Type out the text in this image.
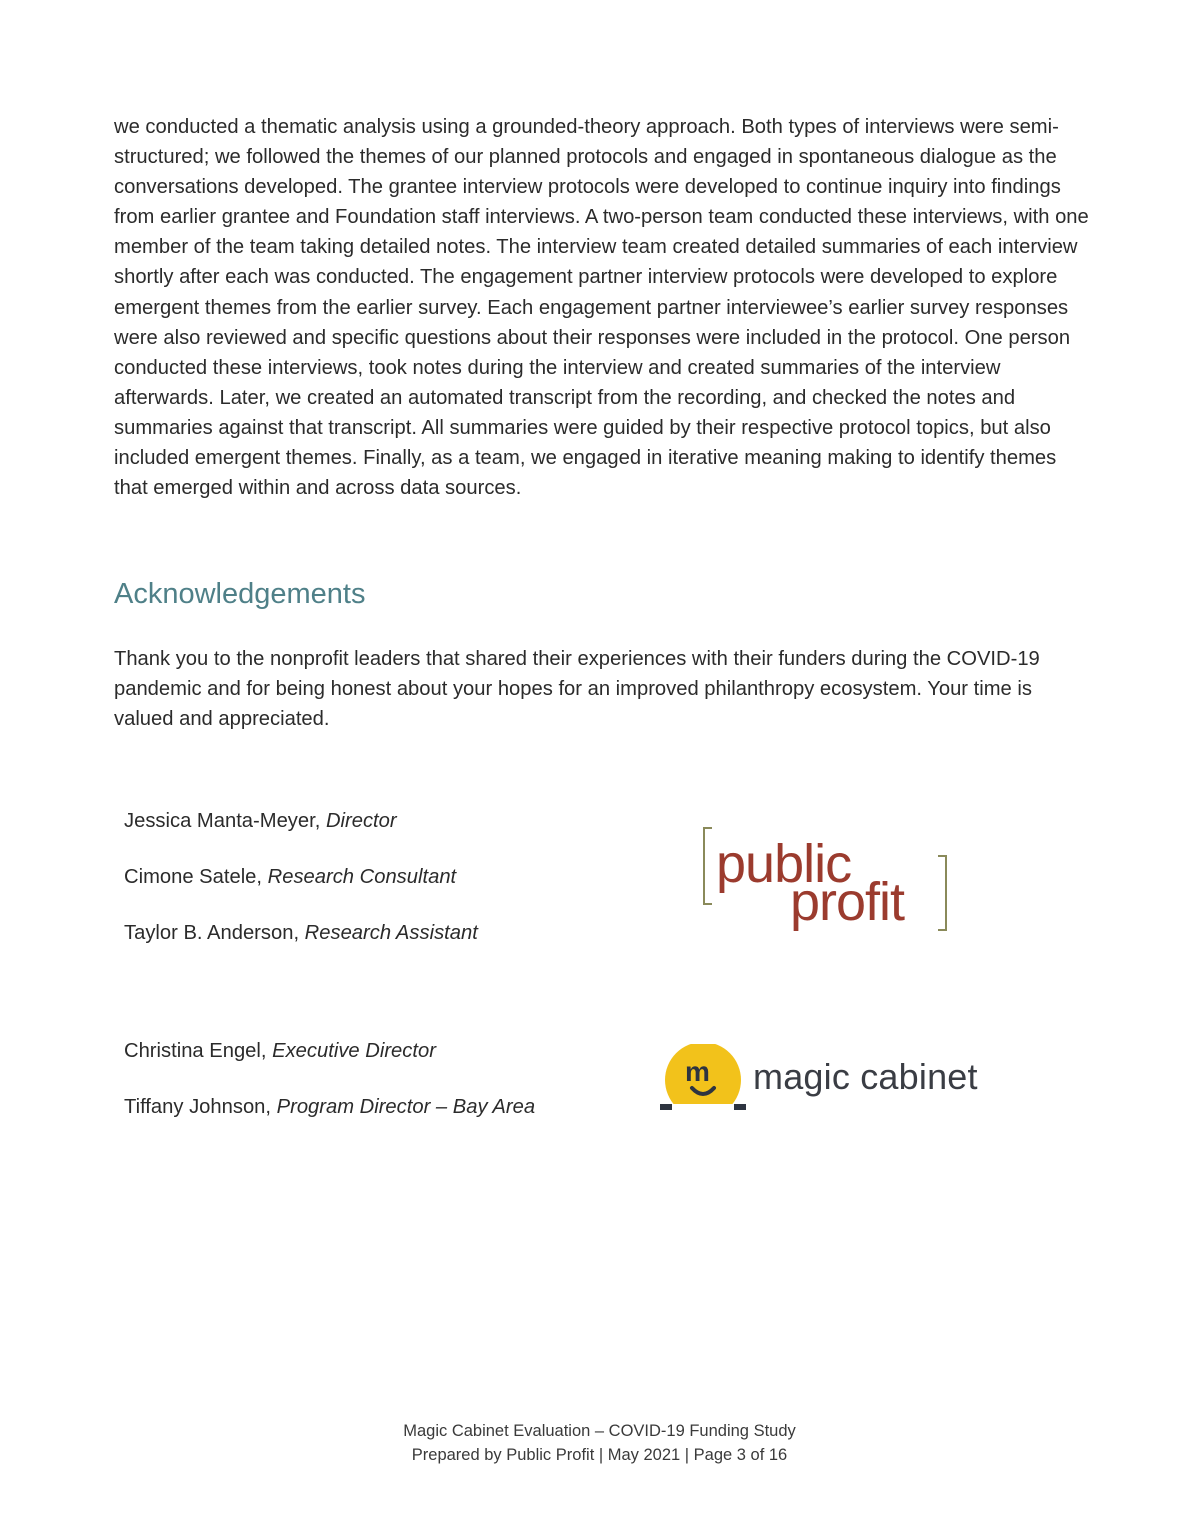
we conducted a thematic analysis using a grounded-theory approach. Both types of interviews were semi-structured; we followed the themes of our planned protocols and engaged in spontaneous dialogue as the conversations developed. The grantee interview protocols were developed to continue inquiry into findings from earlier grantee and Foundation staff interviews. A two-person team conducted these interviews, with one member of the team taking detailed notes. The interview team created detailed summaries of each interview shortly after each was conducted. The engagement partner interview protocols were developed to explore emergent themes from the earlier survey. Each engagement partner interviewee’s earlier survey responses were also reviewed and specific questions about their responses were included in the protocol. One person conducted these interviews, took notes during the interview and created summaries of the interview afterwards. Later, we created an automated transcript from the recording, and checked the notes and summaries against that transcript. All summaries were guided by their respective protocol topics, but also included emergent themes. Finally, as a team, we engaged in iterative meaning making to identify themes that emerged within and across data sources.

Acknowledgements

Thank you to the nonprofit leaders that shared their experiences with their funders during the COVID-19 pandemic and for being honest about your hopes for an improved philanthropy ecosystem. Your time is valued and appreciated.

Jessica Manta-Meyer, Director
Cimone Satele, Research Consultant
Taylor B. Anderson, Research Assistant
public
profit
Christina Engel, Executive Director
Tiffany Johnson, Program Director – Bay Area
m magic cabinet
Magic Cabinet Evaluation – COVID-19 Funding Study
Prepared by Public Profit | May 2021 | Page 3 of 16
